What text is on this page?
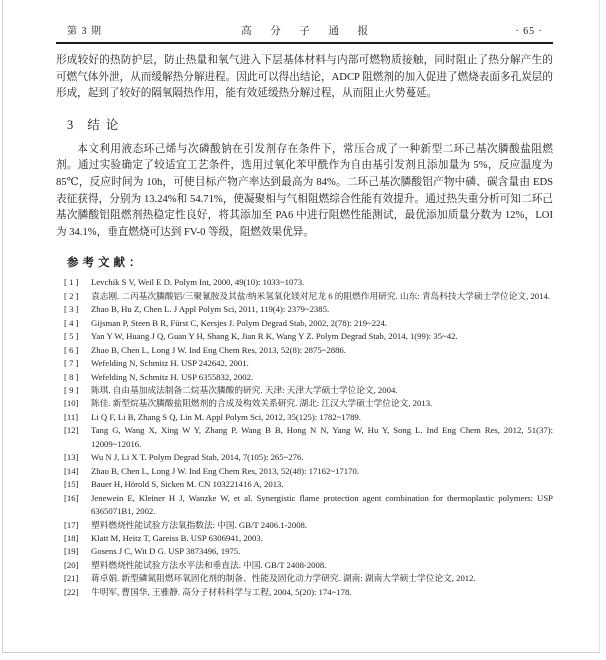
第 3 期	高 分 子 通 报	· 65 ·

形成较好的热防护层，防止热量和氧气进入下层基体材料与内部可燃物质接触，同时阻止了热分解产生的可燃气体外泄，从而缓解热分解进程。因此可以得出结论，ADCP 阻燃剂的加入促进了燃烧表面多孔炭层的形成，起到了较好的隔氧隔热作用，能有效延缓热分解过程，从而阻止火势蔓延。

3 结论

本文利用液态环己烯与次磷酸钠在引发剂存在条件下，常压合成了一种新型二环己基次膦酸盐阻燃剂。通过实验确定了较适宜工艺条件，选用过氧化苯甲酰作为自由基引发剂且添加量为 5%，反应温度为 85℃，反应时间为 10h，可使目标产物产率达到最高为 84%。二环己基次膦酸铝产物中磷、碳含量由 EDS 表征获得，分别为 13.24%和 54.71%，使凝聚相与气相阻燃综合性能有效提升。通过热失重分析可知二环己基次膦酸铝阻燃剂热稳定性良好，将其添加至 PA6 中进行阻燃性能测试，最优添加质量分数为 12%，LOI 为 34.1%，垂直燃烧可达到 FV-0 等级，阻燃效果优异。

参考文献：
[ 1 ]	Levchik S V, Weil E D. Polym Int, 2000, 49(10): 1033~1073.
[ 2 ]	袁志刚. 二丙基次膦酸铝/三聚氰胺及其盐/纳米氢氧化镁对尼龙 6 的阻燃作用研究. 山东: 青岛科技大学硕士学位论文, 2014.
[ 3 ]	Zhao B, Hu Z, Chen L. J Appl Polym Sci, 2011, 119(4): 2379~2385.
[ 4 ]	Gijsman P, Steen B R, Fürst C, Kersjes J. Polym Degrad Stab, 2002, 2(78): 219~224.
[ 5 ]	Yan Y W, Huang J Q, Guan Y H, Shang K, Jian R K, Wang Y Z. Polym Degrad Stab, 2014, 1(99): 35~42.
[ 6 ]	Zhao B, Chen L, Long J W. Ind Eng Chem Res, 2013, 52(8): 2875~2886.
[ 7 ]	Wefelding N, Schmitz H. USP 242642, 2001.
[ 8 ]	Wefelding N, Schmitz H. USP 6355832, 2002.
[ 9 ]	陈琪. 自由基加成法制备二烷基次膦酸的研究. 天津: 天津大学硕士学位论文, 2004.
[10]	陈佳. 新型烷基次膦酸盐阻燃剂的合成及构效关系研究. 湖北: 江汉大学硕士学位论文, 2013.
[11]	Li Q F, Li B, Zhang S Q, Lin M. Appl Polym Sci, 2012, 35(125): 1782~1789.
[12]	Tang G, Wang X, Xing W Y, Zhang P, Wang B B, Hong N N, Yang W, Hu Y, Song L. Ind Eng Chem Res, 2012, 51(37): 12009~12016.
[13]	Wu N J, Li X T. Polym Degrad Stab, 2014, 7(105): 265~276.
[14]	Zhao B, Chen L, Long J W. Ind Eng Chem Res, 2013, 52(48): 17162~17170.
[15]	Bauer H, Hörold S, Sicken M. CN 103221416 A, 2013.
[16]	Jenewein E, Kleiner H J, Wanzke W, et al. Synergistic flame protection agent combination for thermoplastic polymers: USP 6365071B1, 2002.
[17]	塑料燃烧性能试验方法氧指数法: 中国. GB/T 2406.1-2008.
[18]	Klatt M, Heitz T, Gareiss B. USP 6306941, 2003.
[19]	Gosens J C, Wit D G. USP 3873496, 1975.
[20]	塑料燃烧性能试验方法水平法和垂直法. 中国. GB/T 2408-2008.
[21]	蒋卓娟. 新型磷氮阻燃环氧固化剂的制备、性能及固化动力学研究. 湖南: 湖南大学硕士学位论文, 2012.
[22]	牛明军, 曹国华, 王雅静. 高分子材料科学与工程, 2004, 5(20): 174~178.
